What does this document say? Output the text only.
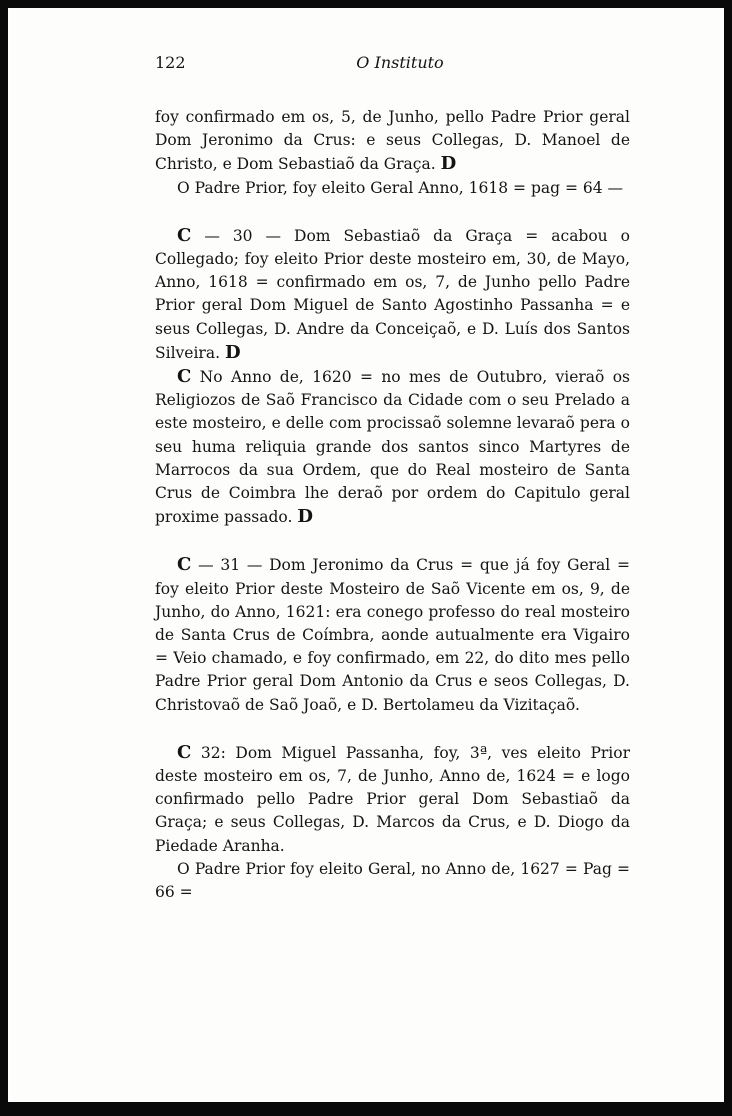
122	O Instituto

foy confirmado em os, 5, de Junho, pello Padre Prior geral Dom Jeronimo da Crus: e seus Collegas, D. Manoel de Christo, e Dom Sebastiaõ da Graça. D

O Padre Prior, foy eleito Geral Anno, 1618 = pag = 64 —

C — 30 — Dom Sebastiaõ da Graça = acabou o Collegado; foy eleito Prior deste mosteiro em, 30, de Mayo, Anno, 1618 = confirmado em os, 7, de Junho pello Padre Prior geral Dom Miguel de Santo Agostinho Passanha = e seus Collegas, D. Andre da Conceiçaõ, e D. Luís dos Santos Silveira. D

C No Anno de, 1620 = no mes de Outubro, vieraõ os Religiozos de Saõ Francisco da Cidade com o seu Prelado a este mosteiro, e delle com procissaõ solemne levaraõ pera o seu huma reliquia grande dos santos sinco Martyres de Marrocos da sua Ordem, que do Real mosteiro de Santa Crus de Coimbra lhe deraõ por ordem do Capitulo geral proxime passado. D

C — 31 — Dom Jeronimo da Crus = que já foy Geral = foy eleito Prior deste Mosteiro de Saõ Vicente em os, 9, de Junho, do Anno, 1621: era conego professo do real mosteiro de Santa Crus de Coímbra, aonde autualmente era Vigairo = Veio chamado, e foy confirmado, em 22, do dito mes pello Padre Prior geral Dom Antonio da Crus e seos Collegas, D. Christovaõ de Saõ Joaõ, e D. Bertolameu da Vizitaçaõ.

C 32: Dom Miguel Passanha, foy, 3ª, ves eleito Prior deste mosteiro em os, 7, de Junho, Anno de, 1624 = e logo confirmado pello Padre Prior geral Dom Sebastiaõ da Graça; e seus Collegas, D. Marcos da Crus, e D. Diogo da Piedade Aranha.

O Padre Prior foy eleito Geral, no Anno de, 1627 = Pag = 66 =
